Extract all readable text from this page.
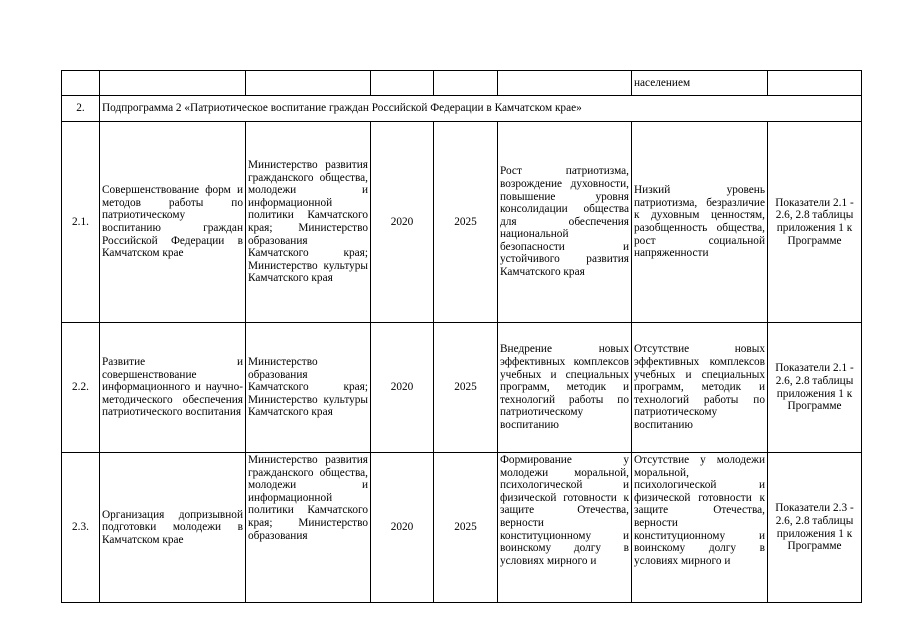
						населением	
2.	Подпрограмма 2 «Патриотическое воспитание граждан Российской Федерации в Камчатском крае»						
2.1.	Совершенствование форм и методов работы по патриотическому воспитанию граждан Российской Федерации в Камчатском крае	Министерство развития гражданского общества, молодежи и информационной политики Камчатского края; Министерство образования Камчатского края; Министерство культуры Камчатского края	2020	2025	Рост патриотизма, возрождение духовности, повышение уровня консолидации общества для обеспечения национальной безопасности и устойчивого развития Камчатского края	Низкий уровень патриотизма, безразличие к духовным ценностям, разобщенность общества, рост социальной напряженности	Показатели 2.1 - 2.6, 2.8 таблицы приложения 1 к Программе
2.2.	Развитие и совершенствование информационного и научно-методического обеспечения патриотического воспитания	Министерство образования Камчатского края; Министерство культуры Камчатского края	2020	2025	Внедрение новых эффективных комплексов учебных и специальных программ, методик и технологий работы по патриотическому воспитанию	Отсутствие новых эффективных комплексов учебных и специальных программ, методик и технологий работы по патриотическому воспитанию	Показатели 2.1 - 2.6, 2.8 таблицы приложения 1 к Программе
2.3.	Организация допризывной подготовки молодежи в Камчатском крае	Министерство развития гражданского общества, молодежи и информационной политики Камчатского края; Министерство образования	2020	2025	Формирование у молодежи моральной, психологической и физической готовности к защите Отечества, верности конституционному и воинскому долгу в условиях мирного и	Отсутствие у молодежи моральной, психологической и физической готовности к защите Отечества, верности конституционному и воинскому долгу в условиях мирного и	Показатели 2.3 - 2.6, 2.8 таблицы приложения 1 к Программе
